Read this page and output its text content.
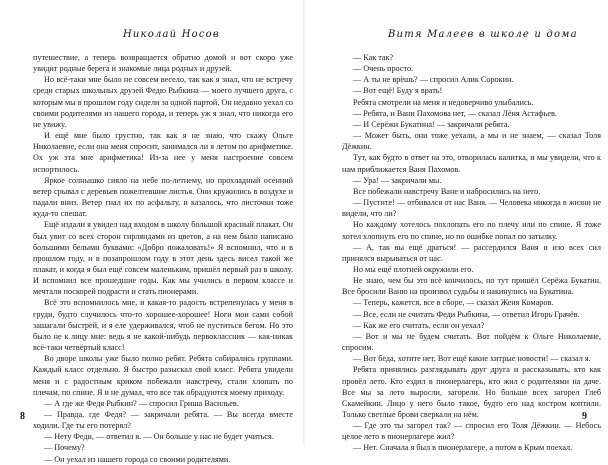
Николай Носов

путешествие, а теперь возвращается обратно домой и вот скоро уже увидит родные берега и знакомые лица родных и друзей.

Но всё-таки мне было не совсем весело, так как я знал, что не встречу среди старых школьных друзей Федю Рыбкина — моего лучшего друга, с которым мы в прошлом году сидели за одной партой. Он недавно уехал со своими родителями из нашего города, и теперь уж я знал, что никогда его не увижу.

И ещё мне было грустно, так как я не знаю, что скажу Ольге Николаевне, если она меня спросит, занимался ли я летом по арифметике. Ох уж эта мне арифметика! Из-за нее у меня настроение совсем испортилось.

Яркое солнышко сияло на небе по-летнему, но прохладный осенний ветер срывал с деревьев пожелтевшие листья. Они кружились в воздухе и падали вниз. Ветер гнал их по асфальту, и казалось, что листочки тоже куда-то спешат.

Ещё издали я увидел над входом в школу большой красный плакат. Он был увит со всех сторон гирляндами из цветов, а на нем было написано большими белыми буквами: «Добро пожаловать!» Я вспомнил, что и в прошлом году, и в позапрошлом году в этот день здесь висел такой же плакат, и когда я был ещё совсем маленьким, пришёл первый раз в школу. И вспомнил все прошедшие годы. Как мы учились в первом классе и мечтали поскорей подрасти и стать пионерами.

Всё это вспомнилось мне, и какая-то радость встрепенулась у меня в груди, будто случилось что-то хорошее-хорошее! Ноги мои сами собой зашагали быстрей, и я еле удерживался, чтоб не пуститься бегом. Но это было не к лицу мне: ведь я не какой-нибудь первоклассник — как-никак всё-таки четвёртый класс!

Во дворе школы уже было полно ребят. Ребята собирались группами. Каждый класс отдельно. Я быстро разыскал свой класс. Ребята увидели меня и с радостным криком побежали навстречу, стали хлопать по плечам, по спине. Я и не думал, что все так обрадуются моему приходу.

— А где же Федя Рыбкин? — спросил Гриша Васильев.

— Правда, где Федя? — закричали ребята. — Вы всегда вместе ходили. Где ты его потерял?

— Нету Феди, — ответил я. — Он больше у нас не будет учиться.

— Почему?

— Он уехал из нашего города со своими родителями.

8
Витя Малеев в школе и дома

— Как так?

— Очень просто.

— А ты не врёшь? — спросил Алик Сорокин.

— Вот ещё! Буду я врать!

Ребята смотрели на меня и недоверчиво улыбались.

— Ребята, и Вани Пахомова нет, — сказал Лёня Астафьев.

— И Серёжи Букатина! — закричали ребята.

— Может быть, они тоже уехали, а мы и не знаем, — сказал Толя Дёжкин.

Тут, как будто в ответ на это, отворилась калитка, и мы увидели, что к нам приближается Ваня Пахомов.

— Ура! — закричали мы.

Все побежали навстречу Ване и набросились на него.

— Пустите! — отбивался от нас Ваня. — Человека никогда в жизни не видели, что ли?

Но каждому хотелось похлопать его по плечу или по спине. Я тоже хотел хлопнуть его по спине, но по ошибке попал по затылку.

— А, так вы ещё драться! — рассердился Ваня и изо всех сил принялся вырываться от нас.

Но мы ещё плотней окружили его.

Не знаю, чем бы это всё кончилось, но тут пришёл Серёжа Букатин. Все бросили Ваню на произвол судьбы и накинулись на Букатина.

— Теперь, кажется, все в сборе, — сказал Женя Комаров.

— Все, если не считать Феди Рыбкина, — ответил Игорь Грачёв.

— Как же его считать, если он уехал?

— Вот и мы не будем считать. Вот пойдём к Ольге Николаевне, спросим.

— Вот беда, хотите нет. Вот ещё какие хитрые новости! — сказал я.

Ребята принялись разглядывать друг друга и рассказывать, кто как провёл лето. Кто ездил в пионерлагерь, кто жил с родителями на даче. Все мы за лето выросли, загорели. Но больше всех загорел Глеб Скамейкин. Лицо у него было такое, будто его над костром коптили. Только светлые брови сверкали на нём.

— Где это ты загорел так? — спросил его Толя Дёжкин. — Небось целое лето в пионерлагере жил?

— Нет. Сначала я был в пионерлагере, а потом в Крым поехал.

9
